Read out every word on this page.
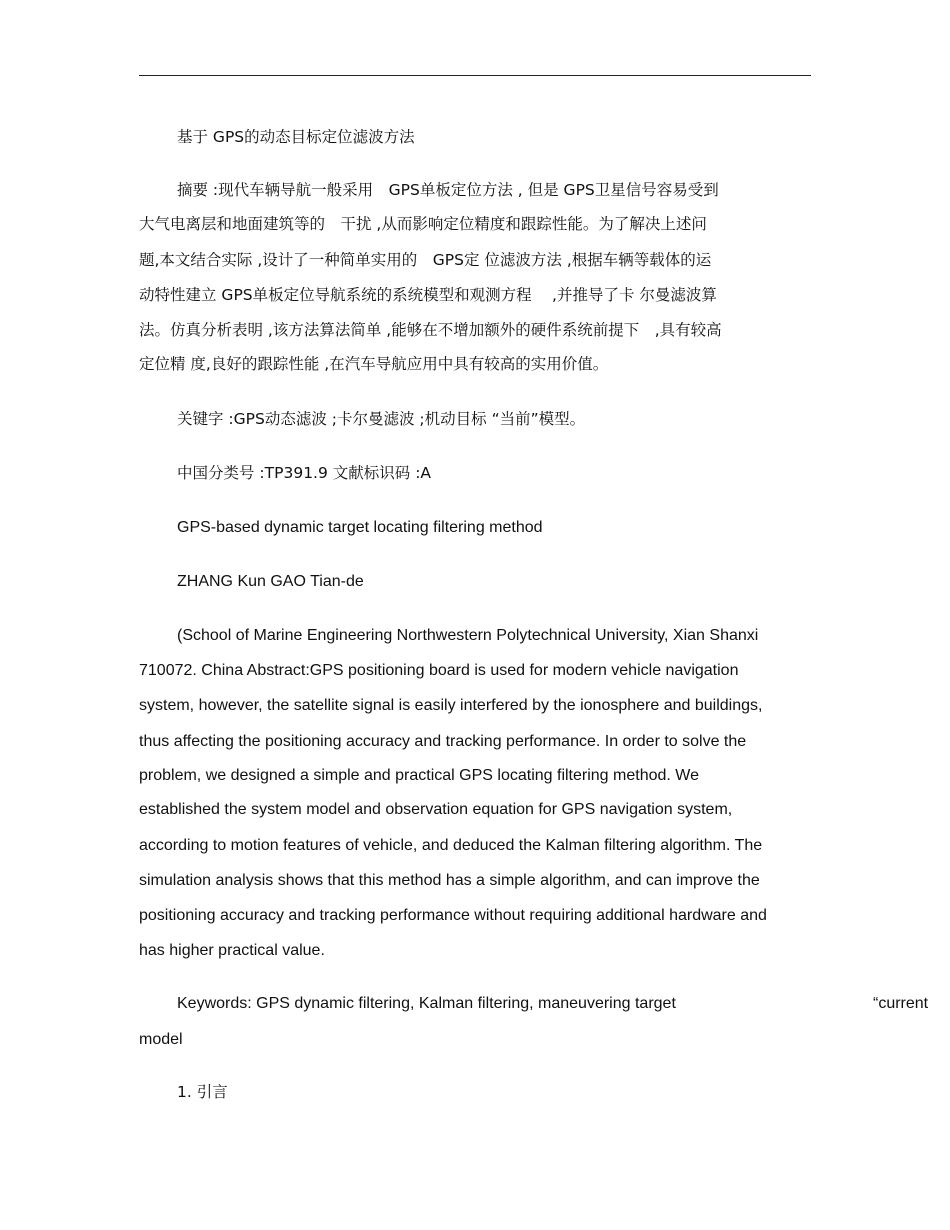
基于 GPS的动态目标定位滤波方法
摘要 :现代车辆导航一般采用　GPS单板定位方法 , 但是 GPS卫星信号容易受到
大气电离层和地面建筑等的　干扰 ,从而影响定位精度和跟踪性能。为了解决上述问
题,本文结合实际 ,设计了一种简单实用的　GPS定 位滤波方法 ,根据车辆等载体的运
动特性建立 GPS单板定位导航系统的系统模型和观测方程　 ,并推导了卡 尔曼滤波算
法。仿真分析表明 ,该方法算法简单 ,能够在不增加额外的硬件系统前提下　,具有较高
定位精 度,良好的跟踪性能 ,在汽车导航应用中具有较高的实用价值。
关键字 :GPS动态滤波 ;卡尔曼滤波 ;机动目标 “当前”模型。
中国分类号 :TP391.9 文献标识码 :A
GPS-based dynamic target locating filtering method
ZHANG Kun GAO Tian-de
(School of Marine Engineering Northwestern Polytechnical University, Xian Shanxi
710072. China Abstract:GPS positioning board is used for modern vehicle navigation
system, however, the satellite signal is easily interfered by the ionosphere and buildings,
thus affecting the positioning accuracy and tracking performance. In order to solve the
problem, we designed a simple and practical GPS locating filtering method. We
established the system model and observation equation for GPS navigation system,
according to motion features of vehicle, and deduced the Kalman filtering algorithm. The
simulation analysis shows that this method has a simple algorithm, and can improve the
positioning accuracy and tracking performance without requiring additional hardware and
has higher practical value.
Keywords: GPS dynamic filtering, Kalman filtering, maneuvering target	“current
model
1. 引言
